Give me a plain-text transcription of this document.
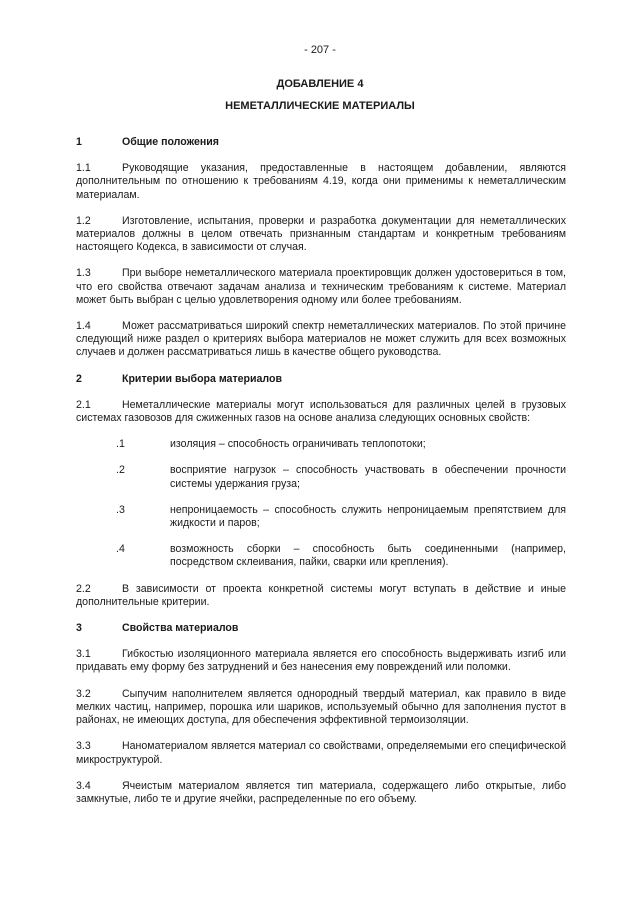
- 207 -
ДОБАВЛЕНИЕ 4
НЕМЕТАЛЛИЧЕСКИЕ МАТЕРИАЛЫ
1	Общие положения
1.1	Руководящие указания, предоставленные в настоящем добавлении, являются дополнительным по отношению к требованиям 4.19, когда они применимы к неметаллическим материалам.
1.2	Изготовление, испытания, проверки и разработка документации для неметаллических материалов должны в целом отвечать признанным стандартам и конкретным требованиям настоящего Кодекса, в зависимости от случая.
1.3	При выборе неметаллического материала проектировщик должен удостовериться в том, что его свойства отвечают задачам анализа и техническим требованиям к системе. Материал может быть выбран с целью удовлетворения одному или более требованиям.
1.4	Может рассматриваться широкий спектр неметаллических материалов. По этой причине следующий ниже раздел о критериях выбора материалов не может служить для всех возможных случаев и должен рассматриваться лишь в качестве общего руководства.
2	Критерии выбора материалов
2.1	Неметаллические материалы могут использоваться для различных целей в грузовых системах газовозов для сжиженных газов на основе анализа следующих основных свойств:
.1	изоляция – способность ограничивать теплопотоки;
.2	восприятие нагрузок – способность участвовать в обеспечении прочности системы удержания груза;
.3	непроницаемость – способность служить непроницаемым препятствием для жидкости и паров;
.4	возможность сборки – способность быть соединенными (например, посредством склеивания, пайки, сварки или крепления).
2.2	В зависимости от проекта конкретной системы могут вступать в действие и иные дополнительные критерии.
3	Свойства материалов
3.1	Гибкостью изоляционного материала является его способность выдерживать изгиб или придавать ему форму без затруднений и без нанесения ему повреждений или поломки.
3.2	Сыпучим наполнителем является однородный твердый материал, как правило в виде мелких частиц, например, порошка или шариков, используемый обычно для заполнения пустот в районах, не имеющих доступа, для обеспечения эффективной термоизоляции.
3.3	Наноматериалом является материал со свойствами, определяемыми его специфической микроструктурой.
3.4	Ячеистым материалом является тип материала, содержащего либо открытые, либо замкнутые, либо те и другие ячейки, распределенные по его объему.
